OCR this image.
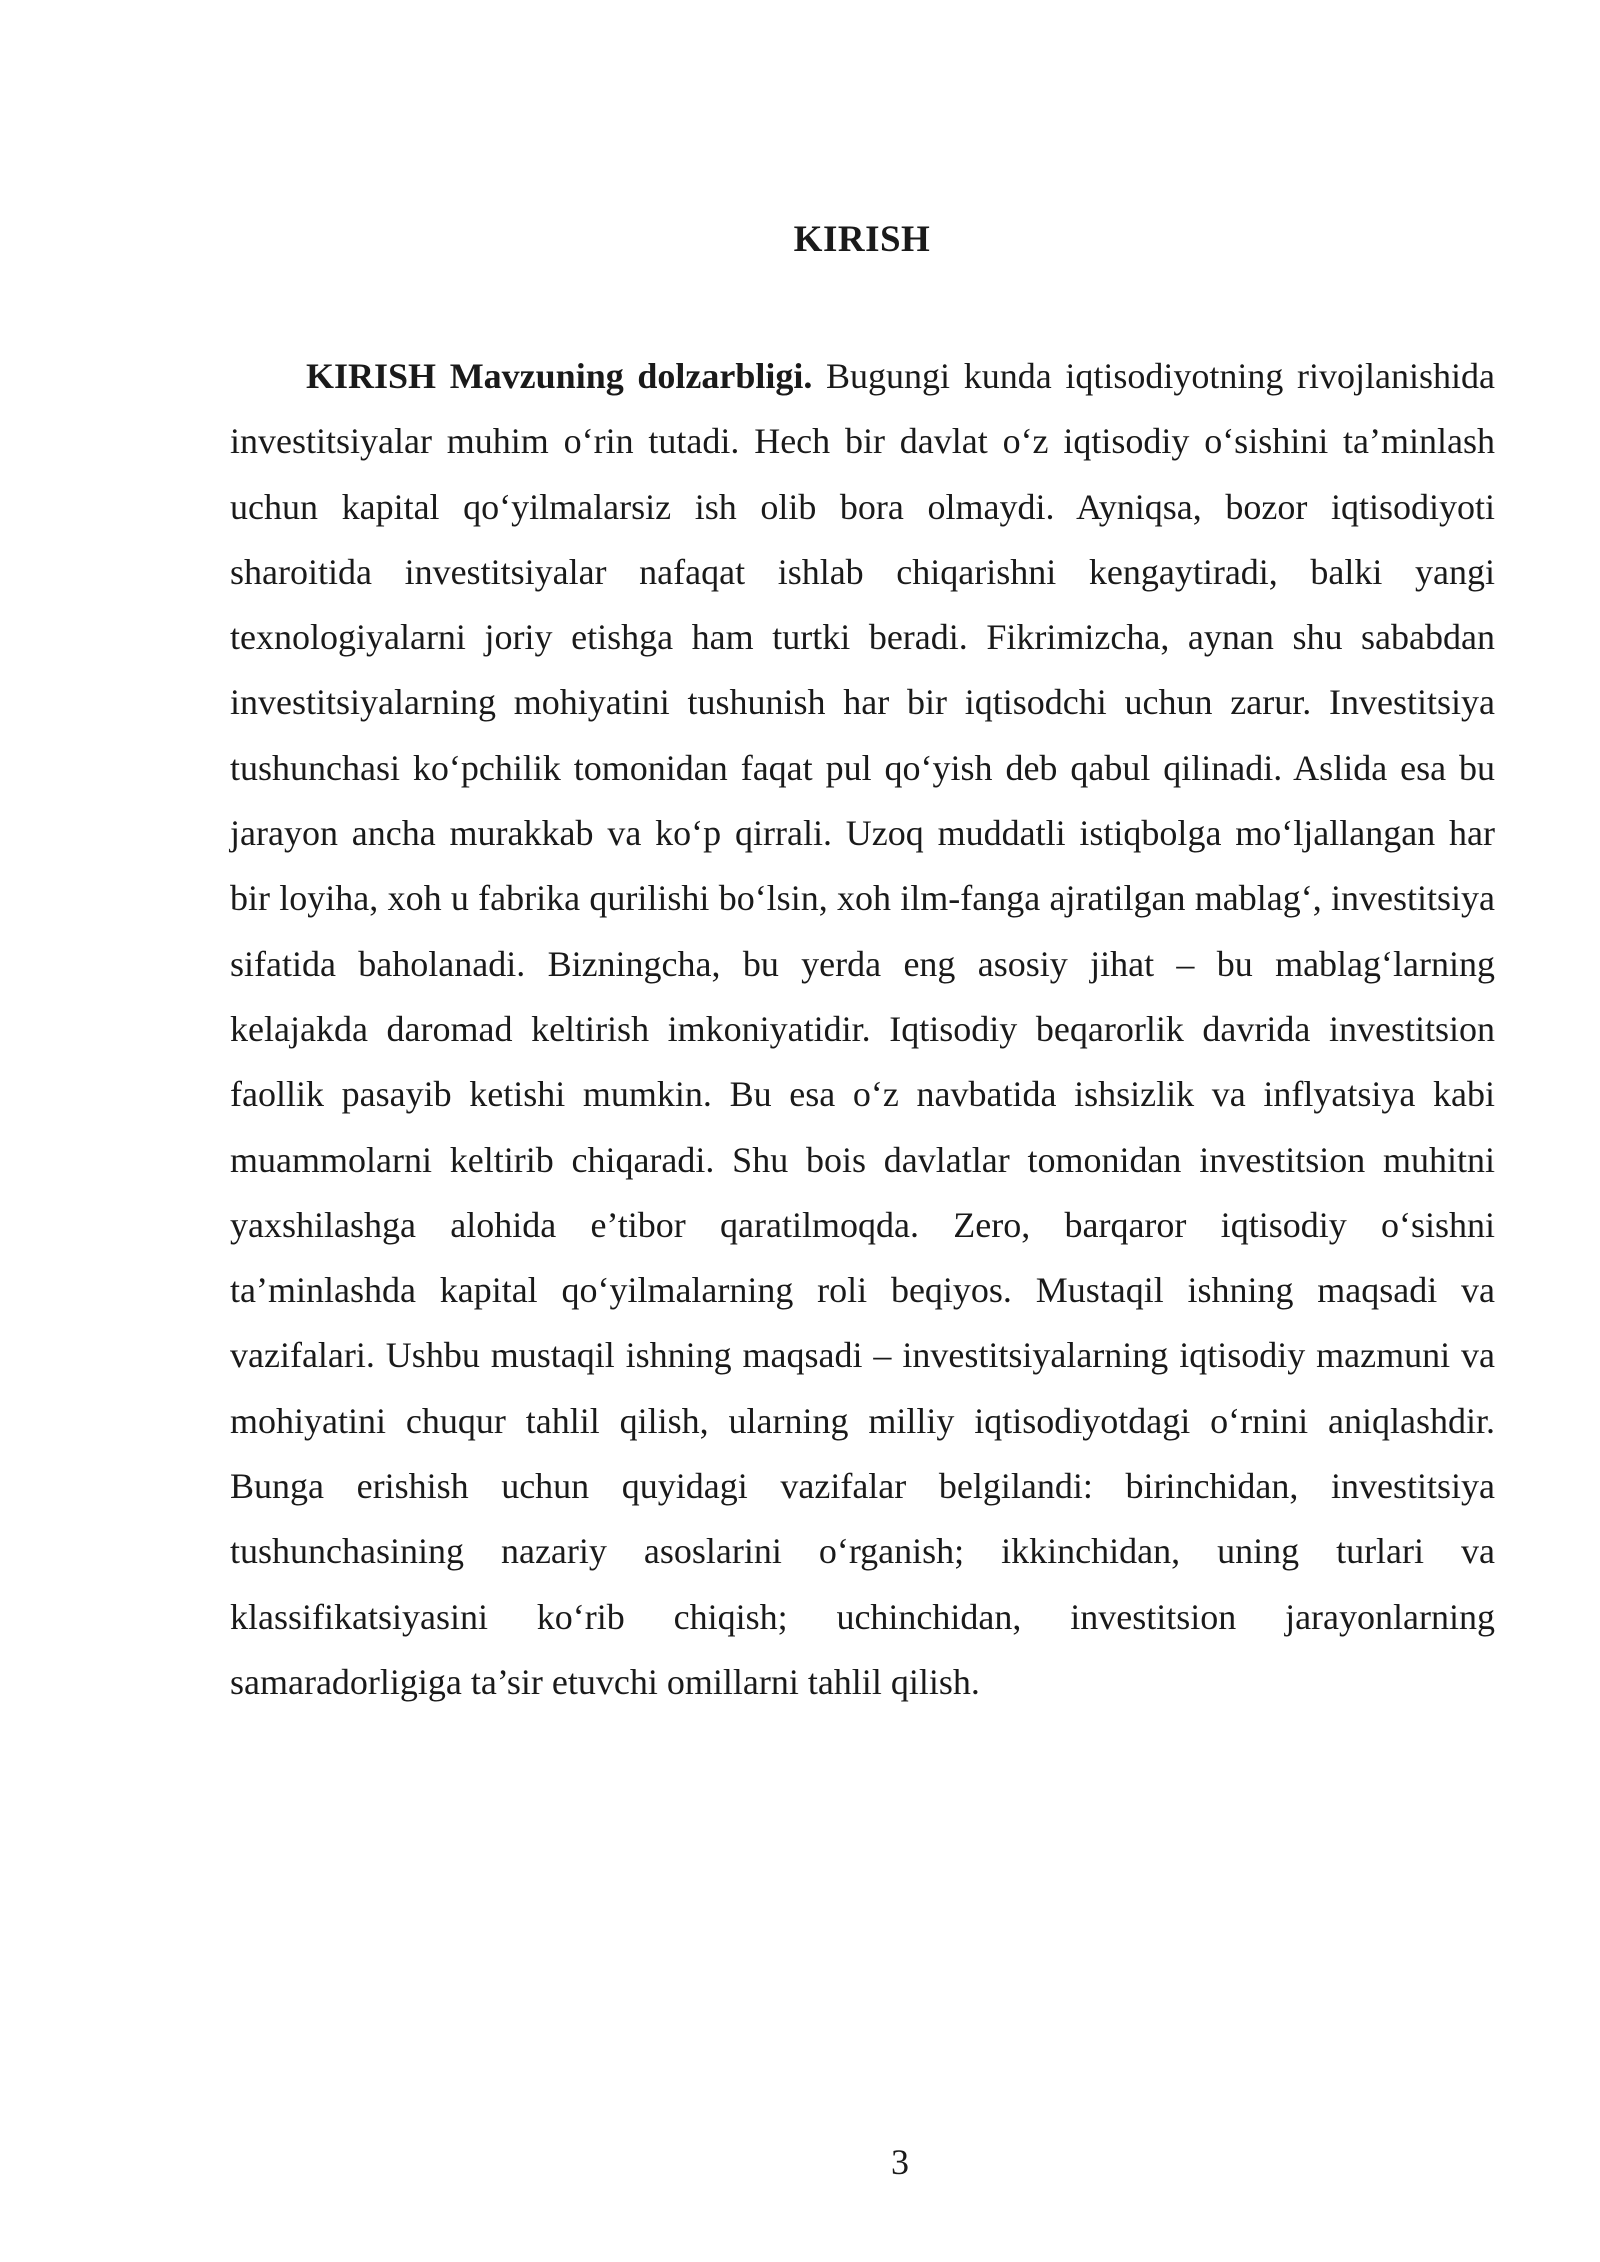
KIRISH

KIRISH Mavzuning dolzarbligi. Bugungi kunda iqtisodiyotning rivojlanishida investitsiyalar muhim o‘rin tutadi. Hech bir davlat o‘z iqtisodiy o‘sishini ta’minlash uchun kapital qo‘yilmalarsiz ish olib bora olmaydi. Ayniqsa, bozor iqtisodiyoti sharoitida investitsiyalar nafaqat ishlab chiqarishni kengaytiradi, balki yangi texnologiyalarni joriy etishga ham turtki beradi. Fikrimizcha, aynan shu sababdan investitsiyalarning mohiyatini tushunish har bir iqtisodchi uchun zarur. Investitsiya tushunchasi ko‘pchilik tomonidan faqat pul qo‘yish deb qabul qilinadi. Aslida esa bu jarayon ancha murakkab va ko‘p qirrali. Uzoq muddatli istiqbolga mo‘ljallangan har bir loyiha, xoh u fabrika qurilishi bo‘lsin, xoh ilm-fanga ajratilgan mablag‘, investitsiya sifatida baholanadi. Bizningcha, bu yerda eng asosiy jihat – bu mablag‘larning kelajakda daromad keltirish imkoniyatidir. Iqtisodiy beqarorlik davrida investitsion faollik pasayib ketishi mumkin. Bu esa o‘z navbatida ishsizlik va inflyatsiya kabi muammolarni keltirib chiqaradi. Shu bois davlatlar tomonidan investitsion muhitni yaxshilashga alohida e’tibor qaratilmoqda. Zero, barqaror iqtisodiy o‘sishni ta’minlashda kapital qo‘yilmalarning roli beqiyos. Mustaqil ishning maqsadi va vazifalari. Ushbu mustaqil ishning maqsadi – investitsiyalarning iqtisodiy mazmuni va mohiyatini chuqur tahlil qilish, ularning milliy iqtisodiyotdagi o‘rnini aniqlashdir. Bunga erishish uchun quyidagi vazifalar belgilandi: birinchidan, investitsiya tushunchasining nazariy asoslarini o‘rganish; ikkinchidan, uning turlari va klassifikatsiyasini ko‘rib chiqish; uchinchidan, investitsion jarayonlarning samaradorligiga ta’sir etuvchi omillarni tahlil qilish.

3
